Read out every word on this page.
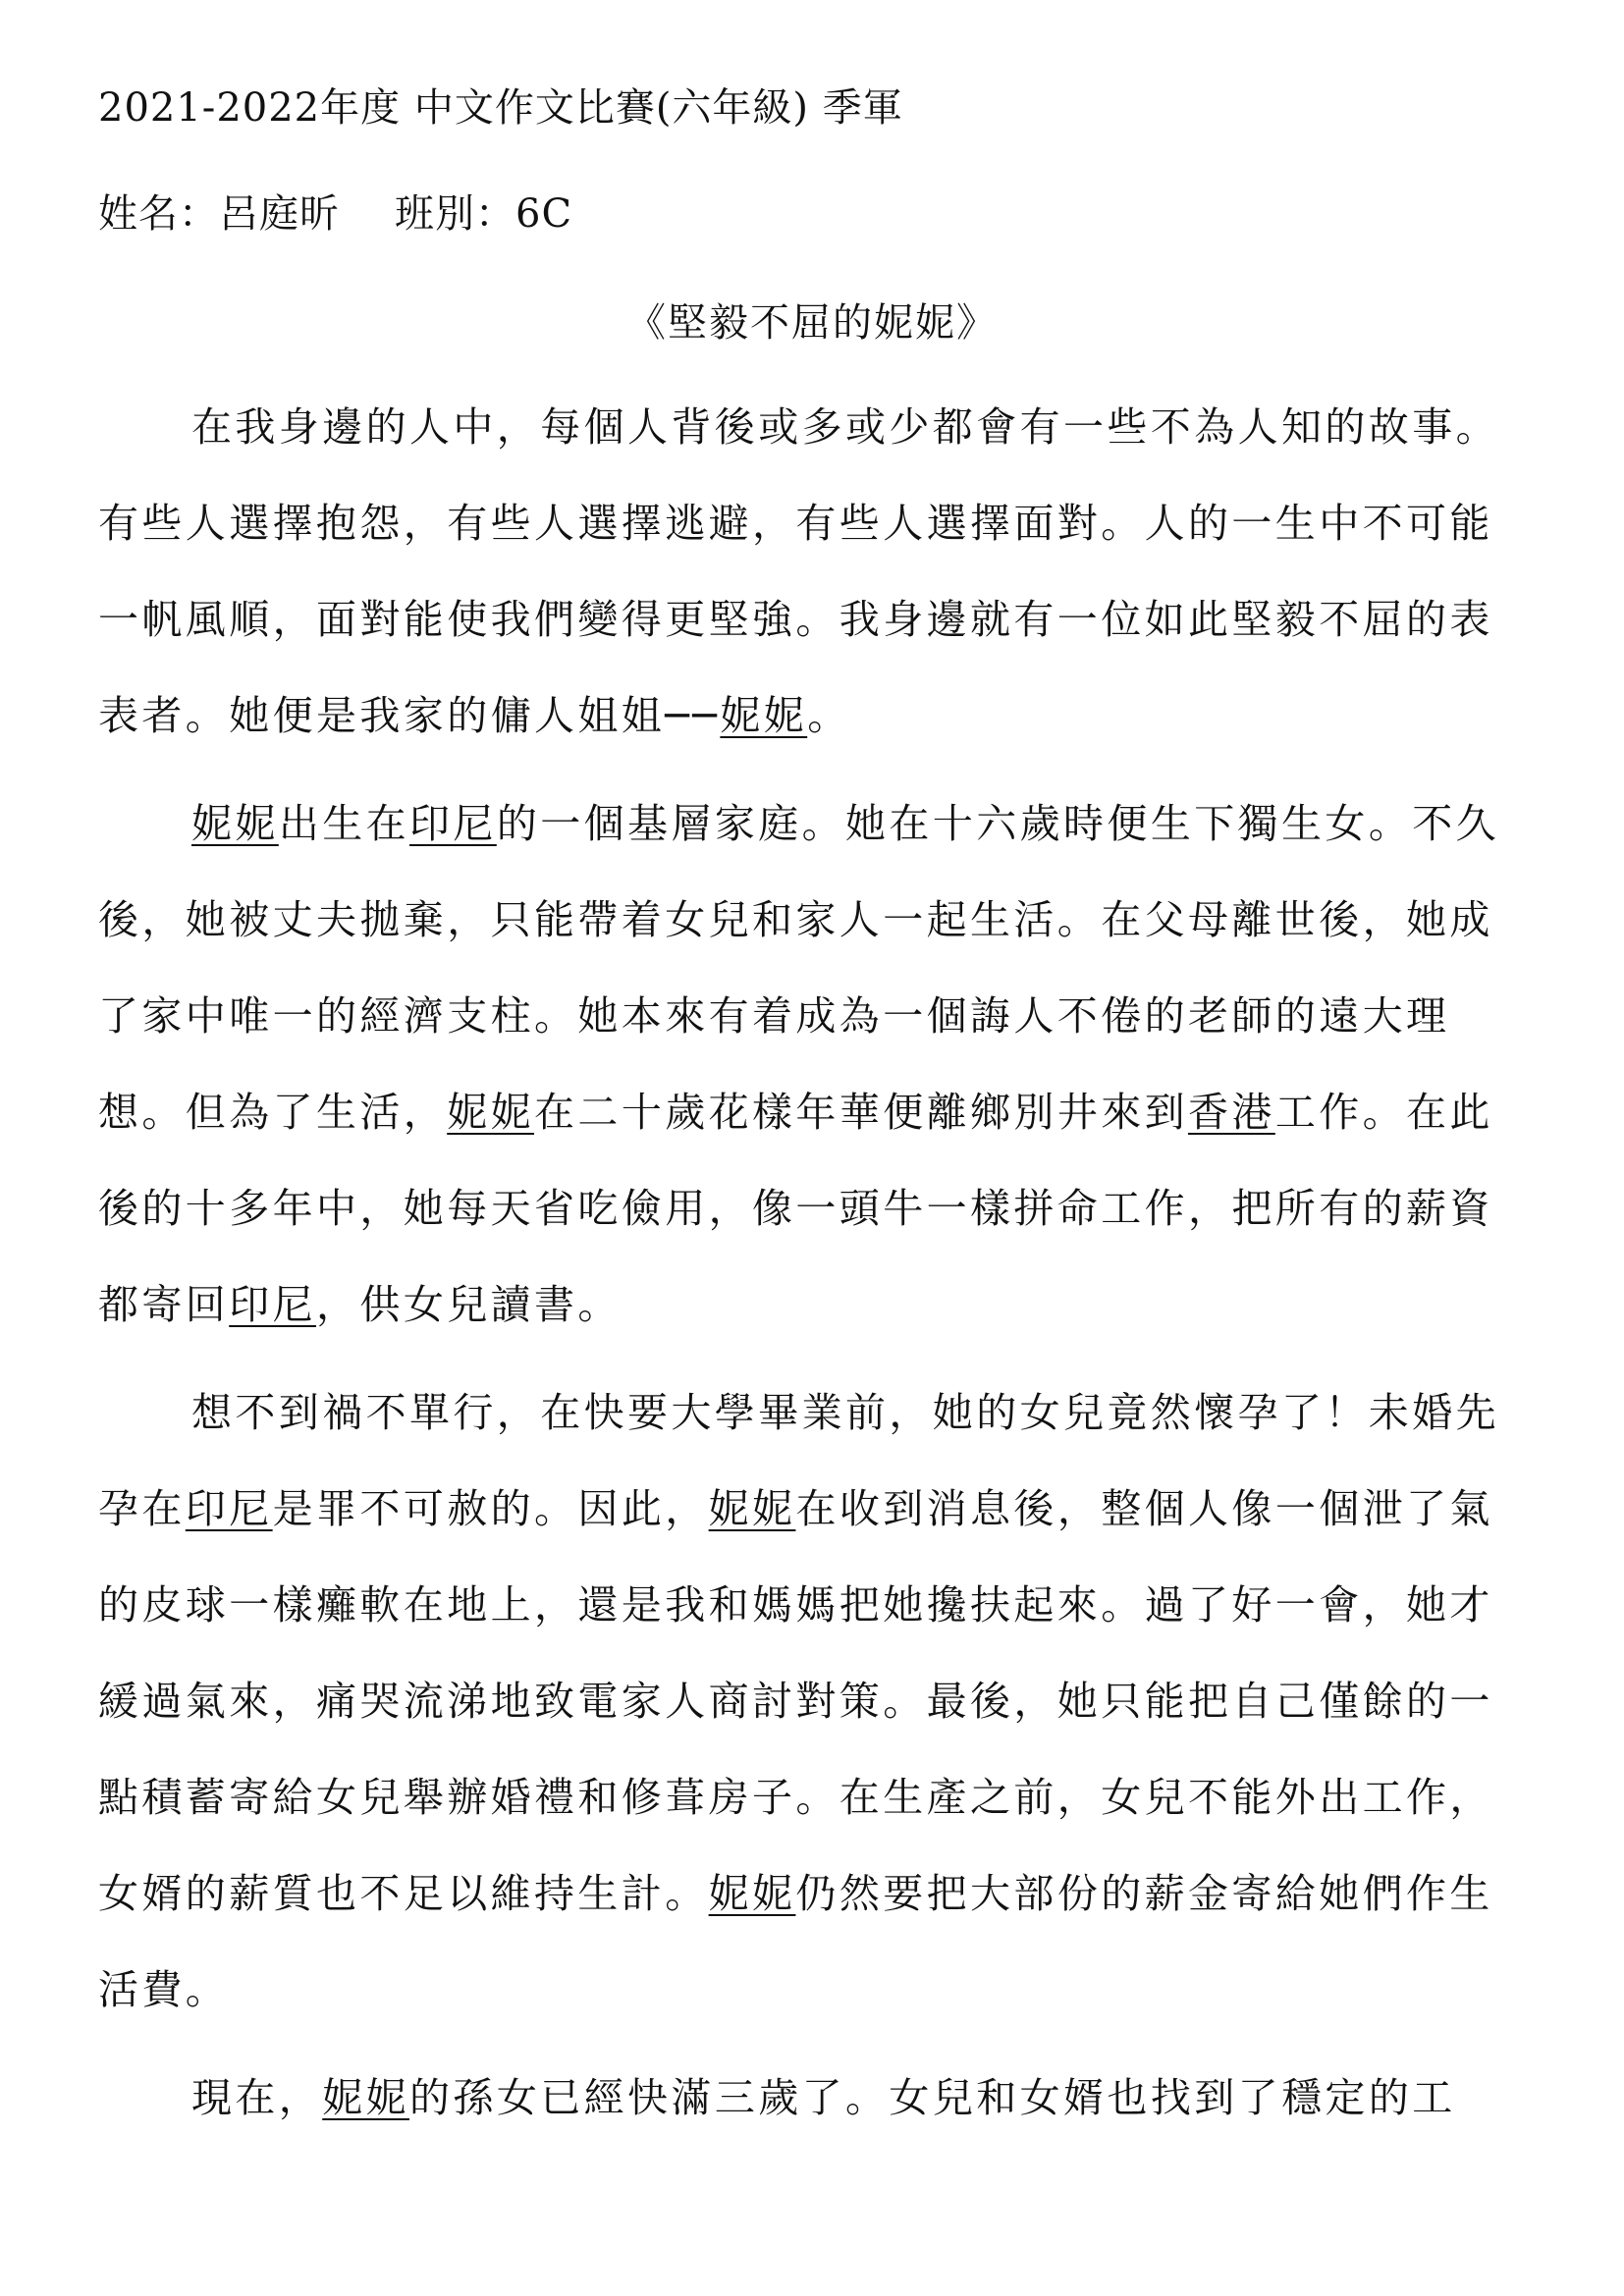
2021-2022年度 中文作文比賽(六年級) 季軍
姓名：呂庭昕 班別：6C
《堅毅不屈的妮妮》
在我身邊的人中，每個人背後或多或少都會有一些不為人知的故事。
有些人選擇抱怨，有些人選擇逃避，有些人選擇面對。人的一生中不可能
一帆風順，面對能使我們變得更堅強。我身邊就有一位如此堅毅不屈的表
表者。她便是我家的傭人姐姐──妮妮。
妮妮出生在印尼的一個基層家庭。她在十六歲時便生下獨生女。不久
後，她被丈夫拋棄，只能帶着女兒和家人一起生活。在父母離世後，她成
了家中唯一的經濟支柱。她本來有着成為一個誨人不倦的老師的遠大理
想。但為了生活，妮妮在二十歲花樣年華便離鄉別井來到香港工作。在此
後的十多年中，她每天省吃儉用，像一頭牛一樣拼命工作，把所有的薪資
都寄回印尼，供女兒讀書。
想不到禍不單行，在快要大學畢業前，她的女兒竟然懷孕了！未婚先
孕在印尼是罪不可赦的。因此，妮妮在收到消息後，整個人像一個泄了氣
的皮球一樣癱軟在地上，還是我和媽媽把她攙扶起來。過了好一會，她才
緩過氣來，痛哭流涕地致電家人商討對策。最後，她只能把自己僅餘的一
點積蓄寄給女兒舉辦婚禮和修葺房子。在生產之前，女兒不能外出工作，
女婿的薪質也不足以維持生計。妮妮仍然要把大部份的薪金寄給她們作生
活費。
現在，妮妮的孫女已經快滿三歲了。女兒和女婿也找到了穩定的工
